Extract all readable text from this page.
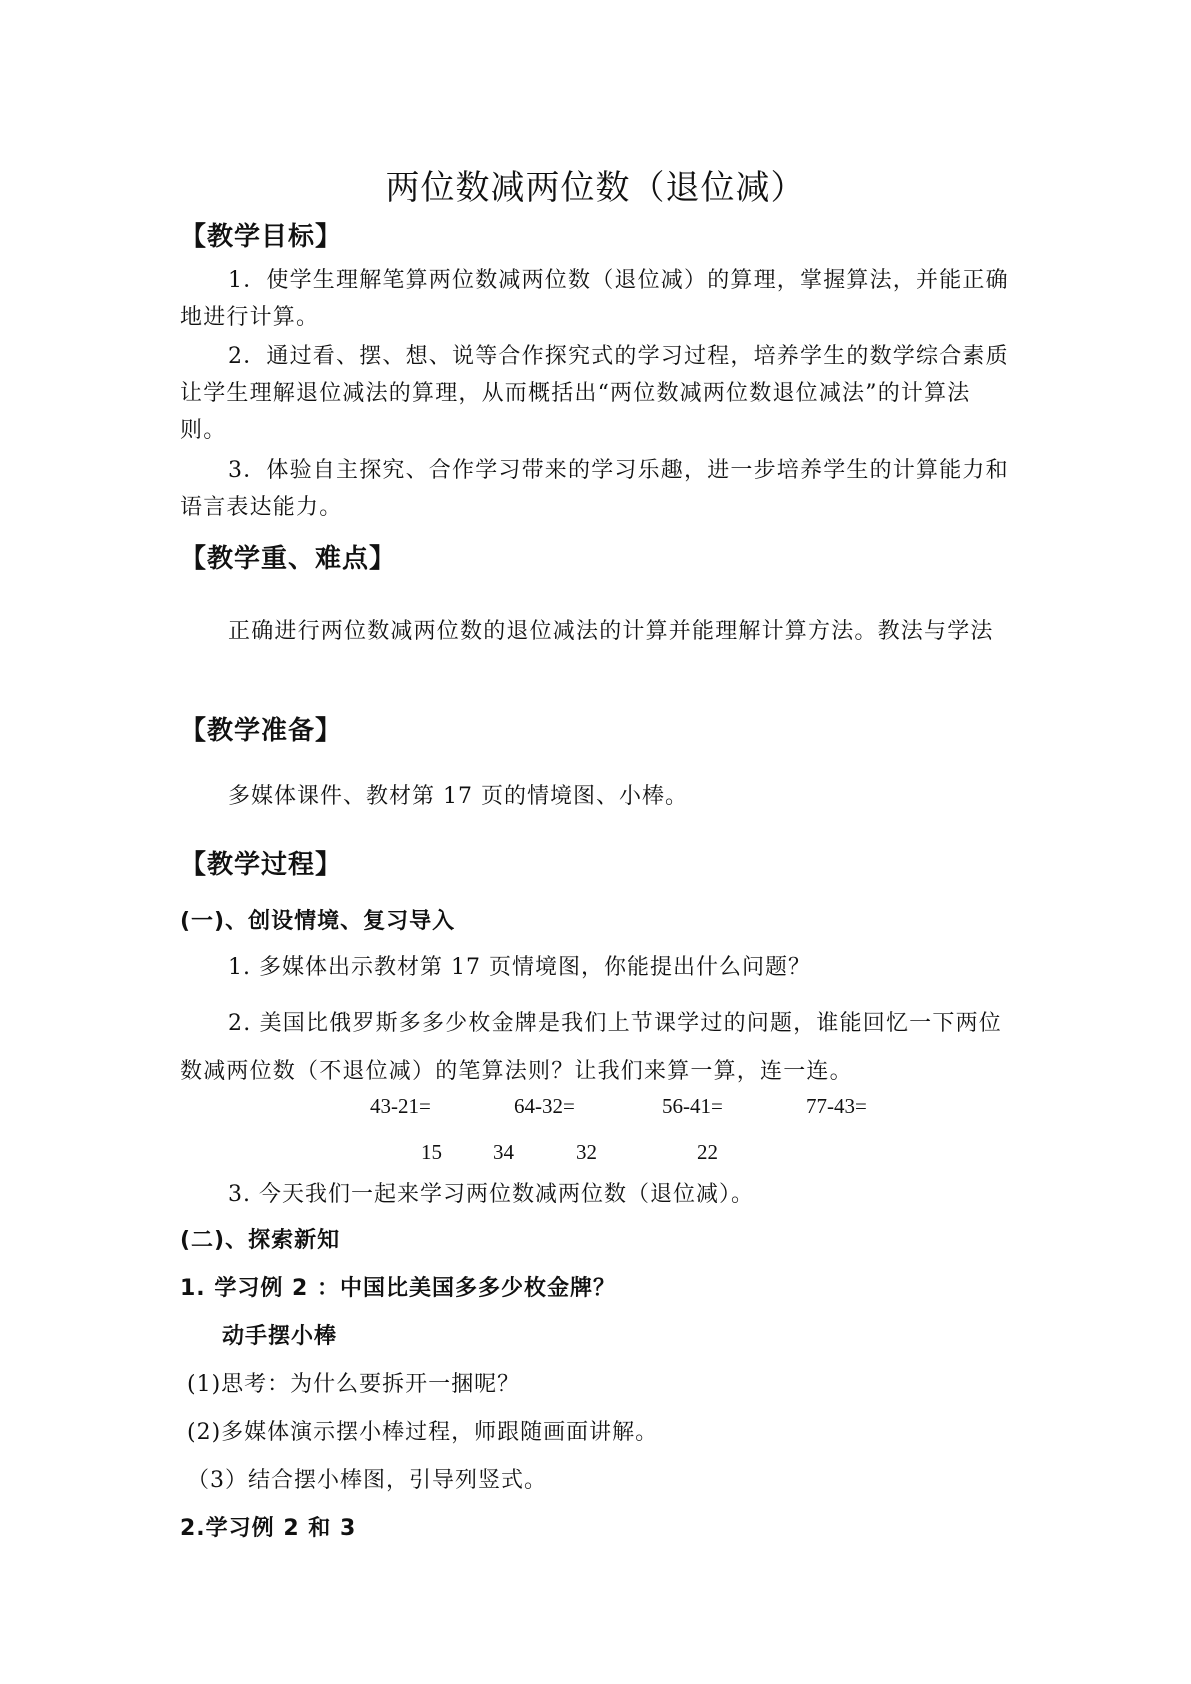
两位数减两位数（退位减）
【教学目标】
1．使学生理解笔算两位数减两位数（退位减）的算理，掌握算法，并能正确地进行计算。
2．通过看、摆、想、说等合作探究式的学习过程，培养学生的数学综合素质让学生理解退位减法的算理，从而概括出“两位数减两位数退位减法”的计算法则。
3．体验自主探究、合作学习带来的学习乐趣，进一步培养学生的计算能力和语言表达能力。
【教学重、难点】
正确进行两位数减两位数的退位减法的计算并能理解计算方法。教法与学法
【教学准备】
多媒体课件、教材第 17 页的情境图、小棒。
【教学过程】
(一)、创设情境、复习导入
1. 多媒体出示教材第 17 页情境图，你能提出什么问题？
2. 美国比俄罗斯多多少枚金牌是我们上节课学过的问题，谁能回忆一下两位数减两位数（不退位减）的笔算法则？让我们来算一算，连一连。
43-21=	64-32=	56-41=	77-43=
15 34	32	22
3. 今天我们一起来学习两位数减两位数（退位减）。
(二)、探索新知
1. 学习例 2 ：中国比美国多多少枚金牌？
动手摆小棒
(1)思考：为什么要拆开一捆呢？
(2)多媒体演示摆小棒过程，师跟随画面讲解。
（3）结合摆小棒图，引导列竖式。
2.学习例 2 和 3
